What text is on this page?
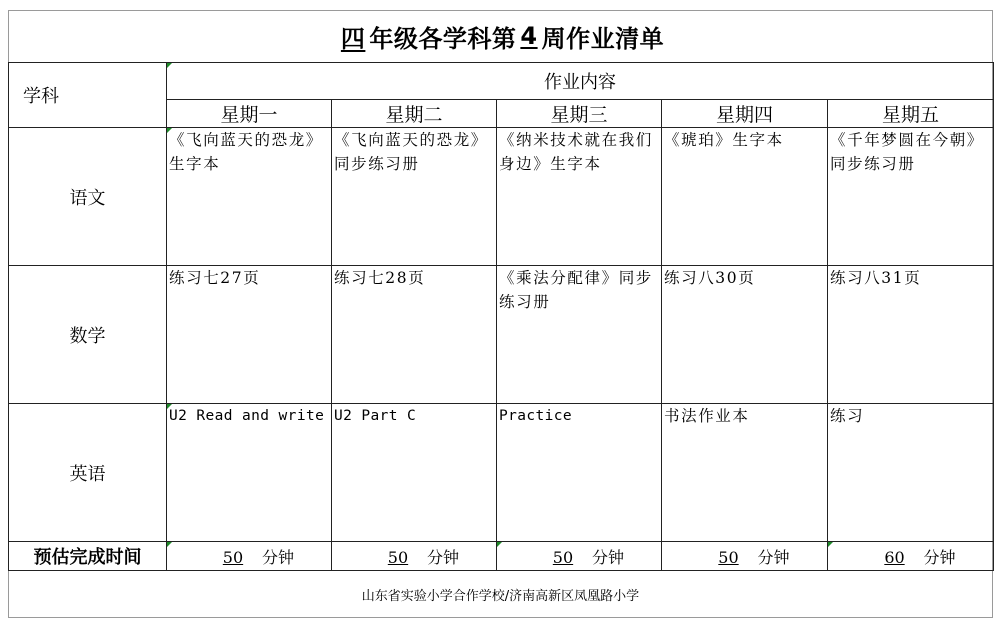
四 年级各学科第 4 周作业清单
学科	作业内容				
	星期一	星期二	星期三	星期四	星期五
语文	《飞向蓝天的恐龙》生字本	《飞向蓝天的恐龙》同步练习册	《纳米技术就在我们身边》生字本	《琥珀》生字本	《千年梦圆在今朝》同步练习册
数学	练习七27页	练习七28页	《乘法分配律》同步练习册	练习八30页	练习八31页
英语	U2 Read and write	U2 Part C	Practice	书法作业本	练习
预估完成时间	50 分钟	50 分钟	50 分钟	50 分钟	60 分钟
山东省实验小学合作学校/济南高新区凤凰路小学
